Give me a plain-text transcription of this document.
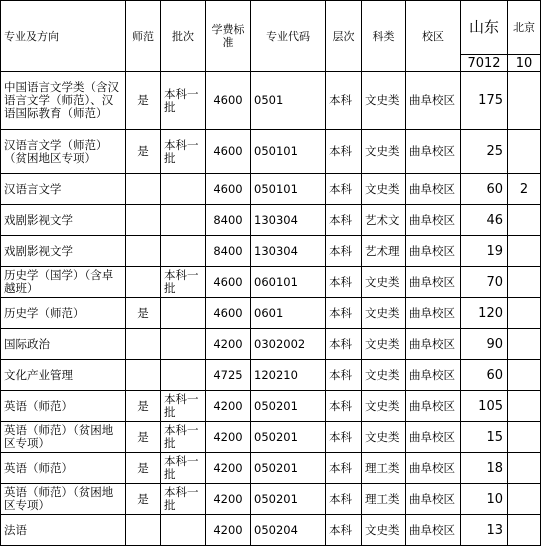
专业及方向	师范	批次	学费标准	专业代码	层次	科类	校区	山东	北京
								7012	10
中国语言文学类（含汉语言文学（师范）、汉语国际教育（师范）	是	本科一批	4600	0501	本科	文史类	曲阜校区	175	
汉语言文学（师范）（贫困地区专项）	是	本科一批	4600	050101	本科	文史类	曲阜校区	25	
汉语言文学			4600	050101	本科	文史类	曲阜校区	60	2
戏剧影视文学			8400	130304	本科	艺术文	曲阜校区	46	
戏剧影视文学			8400	130304	本科	艺术理	曲阜校区	19	
历史学（国学）（含卓越班）		本科一批	4600	060101	本科	文史类	曲阜校区	70	
历史学（师范）	是		4600	0601	本科	文史类	曲阜校区	120	
国际政治			4200	0302002	本科	文史类	曲阜校区	90	
文化产业管理			4725	120210	本科	文史类	曲阜校区	60	
英语（师范）	是	本科一批	4200	050201	本科	文史类	曲阜校区	105	
英语（师范）（贫困地区专项）	是	本科一批	4200	050201	本科	文史类	曲阜校区	15	
英语（师范）	是	本科一批	4200	050201	本科	理工类	曲阜校区	18	
英语（师范）（贫困地区专项）	是	本科一批	4200	050201	本科	理工类	曲阜校区	10	
法语			4200	050204	本科	文史类	曲阜校区	13	
